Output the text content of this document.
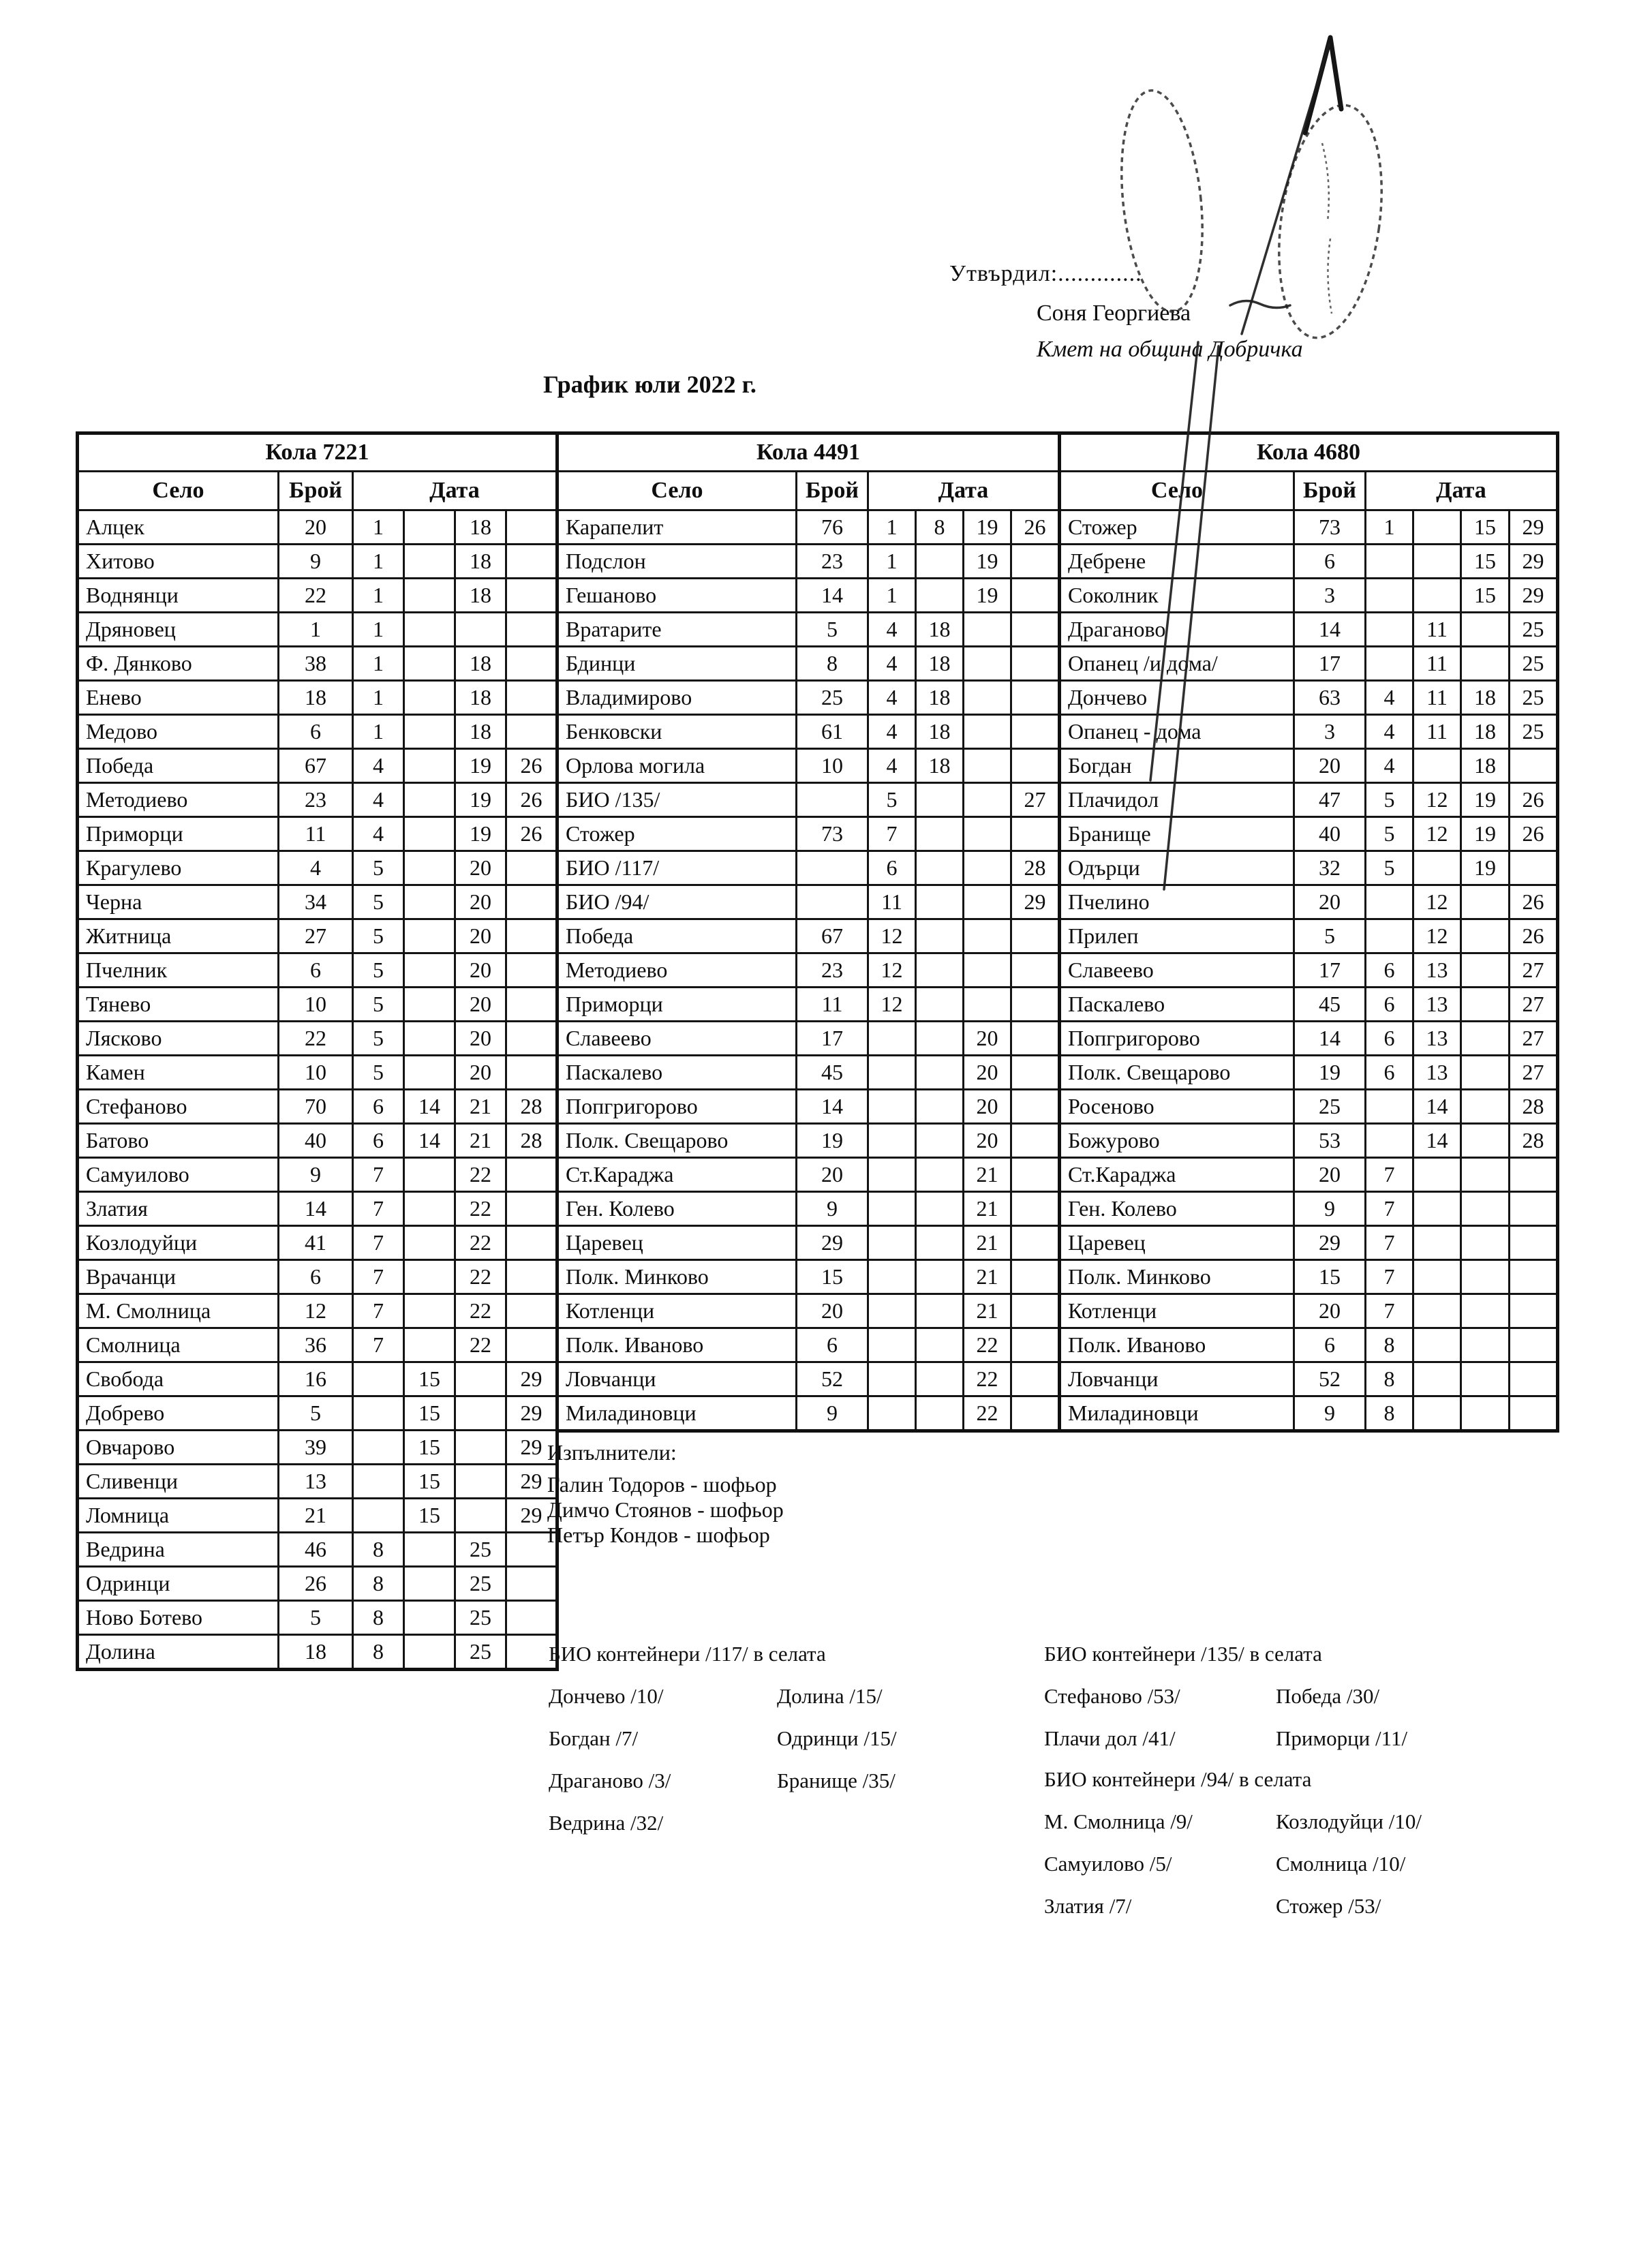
Утвърдил:.............
Соня Георгиева
Кмет на община Добричка
График юли 2022 г.
Кола 7221					
Село	Брой	Дата			
Алцек	20	1		18	
Хитово	9	1		18	
Воднянци	22	1		18	
Дряновец	1	1			
Ф. Дянково	38	1		18	
Енево	18	1		18	
Медово	6	1		18	
Победа	67	4		19	26
Методиево	23	4		19	26
Приморци	11	4		19	26
Крагулево	4	5		20	
Черна	34	5		20	
Житница	27	5		20	
Пчелник	6	5		20	
Тянево	10	5		20	
Лясково	22	5		20	
Камен	10	5		20	
Стефаново	70	6	14	21	28
Батово	40	6	14	21	28
Самуилово	9	7		22	
Златия	14	7		22	
Козлодуйци	41	7		22	
Врачанци	6	7		22	
М. Смолница	12	7		22	
Смолница	36	7		22	
Свобода	16		15		29
Добрево	5		15		29
Овчарово	39		15		29
Сливенци	13		15		29
Ломница	21		15		29
Ведрина	46	8		25	
Одринци	26	8		25	
Ново Ботево	5	8		25	
Долина	18	8		25	
Кола 4491					
Село	Брой	Дата			
Карапелит	76	1	8	19	26
Подслон	23	1		19	
Гешаново	14	1		19	
Вратарите	5	4	18		
Бдинци	8	4	18		
Владимирово	25	4	18		
Бенковски	61	4	18		
Орлова могила	10	4	18		
БИО /135/		5			27
Стожер	73	7			
БИО /117/		6			28
БИО /94/		11			29
Победа	67	12			
Методиево	23	12			
Приморци	11	12			
Славеево	17			20	
Паскалево	45			20	
Попгригорово	14			20	
Полк. Свещарово	19			20	
Ст.Караджа	20			21	
Ген. Колево	9			21	
Царевец	29			21	
Полк. Минково	15			21	
Котленци	20			21	
Полк. Иваново	6			22	
Ловчанци	52			22	
Миладиновци	9			22	
Кола 4680					
Село	Брой	Дата			
Стожер	73	1		15	29
Дебрене	6			15	29
Соколник	3			15	29
Драганово	14		11		25
Опанец /и дома/	17		11		25
Дончево	63	4	11	18	25
Опанец - дома	3	4	11	18	25
Богдан	20	4		18	
Плачидол	47	5	12	19	26
Бранище	40	5	12	19	26
Одърци	32	5		19	
Пчелино	20		12		26
Прилеп	5		12		26
Славеево	17	6	13		27
Паскалево	45	6	13		27
Попгригорово	14	6	13		27
Полк. Свещарово	19	6	13		27
Росеново	25		14		28
Божурово	53		14		28
Ст.Караджа	20	7			
Ген. Колево	9	7			
Царевец	29	7			
Полк. Минково	15	7			
Котленци	20	7			
Полк. Иваново	6	8			
Ловчанци	52	8			
Миладиновци	9	8			
Изпълнители:
Галин Тодоров - шофьор
Димчо Стоянов - шофьор
Петър Кондов - шофьор
БИО контейнери /117/ в селата
Дончево /10/
Богдан /7/
Драганово /3/
Ведрина /32/
Долина /15/
Одринци /15/
Бранище /35/
БИО контейнери /135/ в селата
Стефаново /53/
Плачи дол /41/
Победа /30/
Приморци /11/
БИО контейнери /94/ в селата
М. Смолница /9/
Самуилово /5/
Златия /7/
Козлодуйци /10/
Смолница /10/
Стожер /53/
